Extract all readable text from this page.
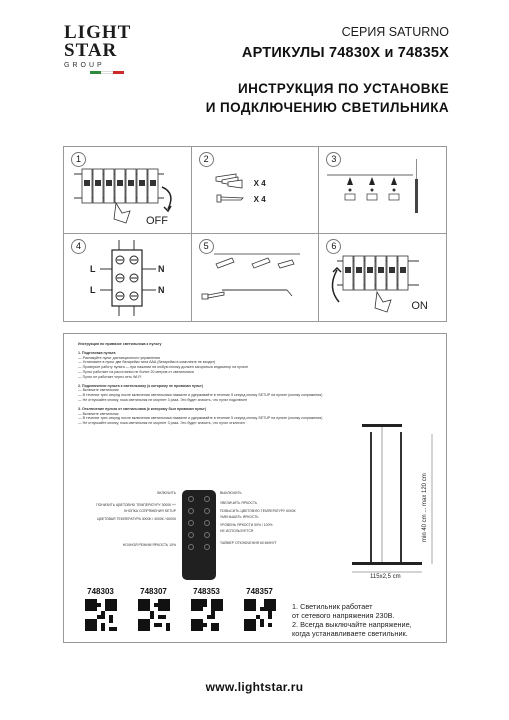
LIGHT
STAR
GROUP
СЕРИЯ SATURNO
АРТИКУЛЫ 74830X и 74835X
ИНСТРУКЦИЯ ПО УСТАНОВКЕ
И ПОДКЛЮЧЕНИЮ СВЕТИЛЬНИКА
1
OFF
2
X 4
X 4
3
4
L	N
L	N
5	6
ON

Инструкция по привязке светильника к пульту

1. Подготовка пульта

— Распакуйте пульт дистанционного управления

— Установите в пульт две батарейки типа ААА (батарейки в комплекте не входят)

— Проверьте работу пульта — при нажатии на любую кнопку должен загораться индикатор на пульте

— Пульт работает на расстоянии не более 20 метров от светильника

— Пульт не работает через сеть Wi-Fi

2. Подключение пульта к светильнику (к которому не привязан пульт)

— Включите светильник

— В течение трех секунд после включения светильника нажмите и удерживайте в течение 5 секунд кнопку SETUP на пульте (кнопку сопряжения)

— Не отпускайте кнопку, пока светильник не моргнет 3 раза. Это будет значить, что пульт подключен

3. Отключение пульта от светильника (к которому был привязан пульт)

— Включите светильник

— В течение трех секунд после включения светильника нажмите и удерживайте в течение 5 секунд кнопку SETUP на пульте (кнопку сопряжения)

— Не отпускайте кнопку, пока светильник не моргнет 3 раза. Это будет значить, что пульт отключен

ВКЛЮЧИТЬ
ПОНИЗИТЬ ЦВЕТОВУЮ ТЕМПЕРАТУРУ 3000К ++
КНОПКА СОПРЯЖЕНИЯ SETUP
ЦВЕТОВАЯ ТЕМПЕРАТУРА 3000К / 4000К / 6000К
НОЧНОЙ РЕЖИМ ЯРКОСТЬ 10%
ВЫКЛЮЧИТЬ
УВЕЛИЧИТЬ ЯРКОСТЬ
ПОВЫСИТЬ ЦВЕТОВУЮ ТЕМПЕРАТУРУ 6000К
УМЕНЬШИТЬ ЯРКОСТЬ
УРОВЕНЬ ЯРКОСТИ 50% / 100%
НЕ ИСПОЛЬЗУЕТСЯ
ТАЙМЕР ОТКЛЮЧЕНИЯ 60 МИНУТ
min 40 cm ... max 120 cm
115x2,5 cm
748303	748307	748353	748357
1. Светильник работает
от сетевого напряжения 230В.
2. Всегда выключайте напряжение,
когда устанавливаете светильник.
www.lightstar.ru
